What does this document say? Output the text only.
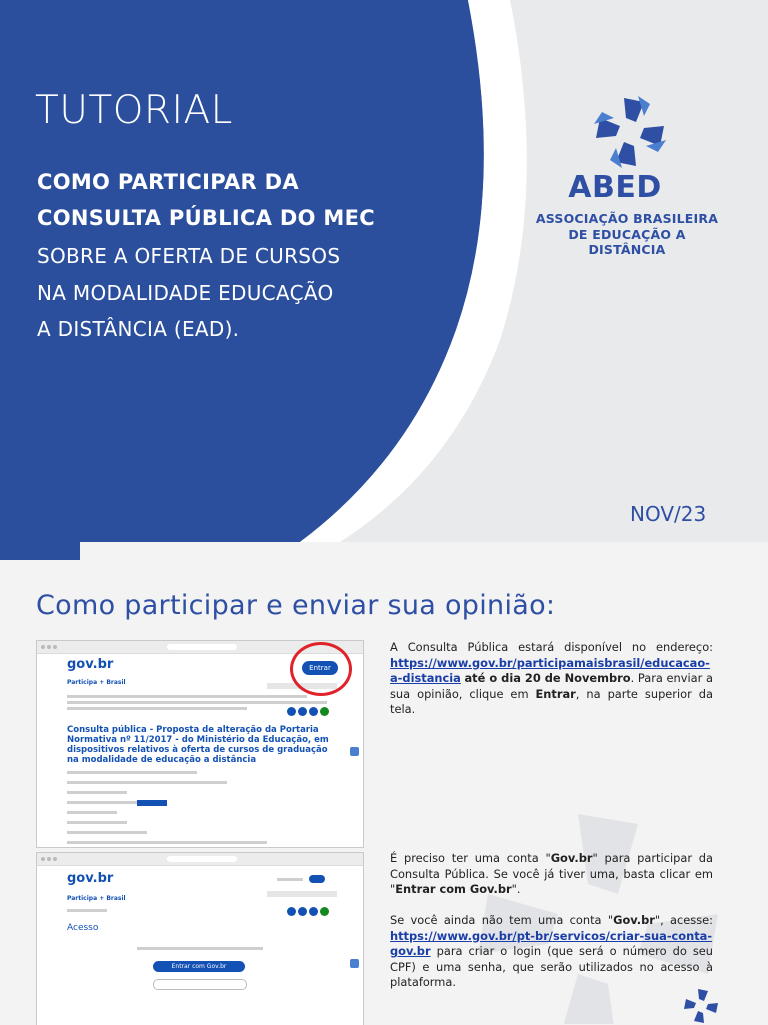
TUTORIAL

COMO PARTICIPAR DA

CONSULTA PÚBLICA DO MEC

SOBRE A OFERTA DE CURSOS

NA MODALIDADE EDUCAÇÃO

A DISTÂNCIA (EAD).

ABED

ASSOCIAÇÃO BRASILEIRA

DE EDUCAÇÃO A DISTÂNCIA

NOV/23

Como participar e enviar sua opinião:
gov.br
Participa + Brasil
Entrar
Consulta pública - Proposta de alteração da Portaria Normativa nº 11/2017 - do Ministério da Educação, em dispositivos relativos à oferta de cursos de graduação na modalidade de educação a distância
gov.br
Participa + Brasil
Acesso
Entrar com Gov.br

A Consulta Pública estará disponível no endereço: https://www.gov.br/participamaisbrasil/educacao-a-distancia até o dia 20 de Novembro. Para enviar a sua opinião, clique em Entrar, na parte superior da tela.

É preciso ter uma conta "Gov.br" para participar da Consulta Pública. Se você já tiver uma, basta clicar em "Entrar com Gov.br".

Se você ainda não tem uma conta "Gov.br", acesse: https://www.gov.br/pt-br/servicos/criar-sua-conta-gov.br para criar o login (que será o número do seu CPF) e uma senha, que serão utilizados no acesso à plataforma.
